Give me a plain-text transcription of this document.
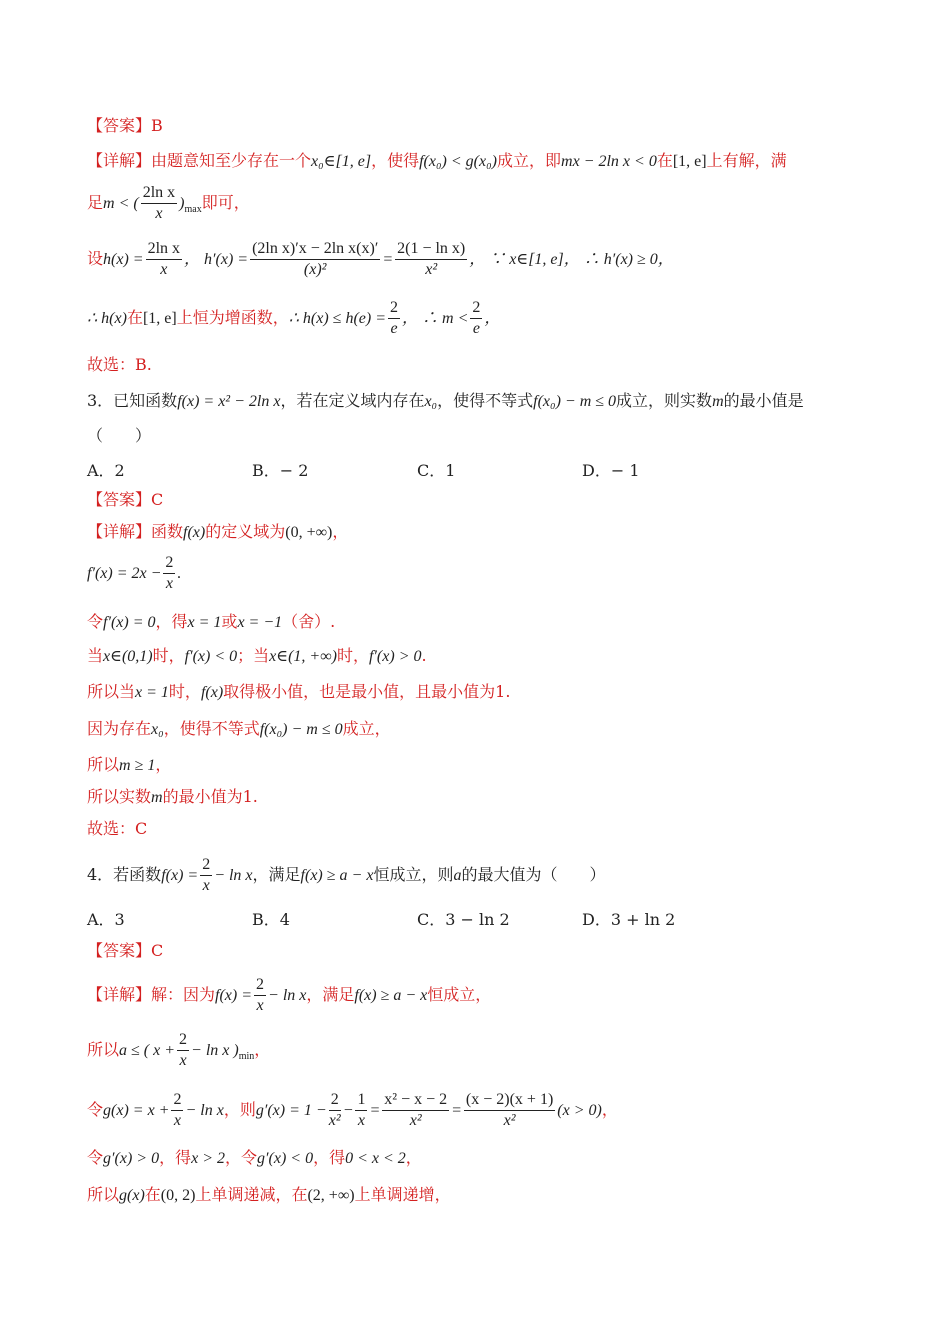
【答案】B
【详解】由题意知至少存在一个x₀∈[1, e]，使得f(x₀) < g(x₀)成立，即mx − 2ln x < 0在[1, e]上有解，满
足m < ( $\frac{\text{2ln x}}{x} )_{max}$即可，
设$h(x) = \frac{\text{2ln x}}{x}$ ， $h'(x) = \frac{\text{(2ln x)′x − 2ln x(x)′}}{\text{(x)²}} = \frac{\text{2(1 − ln x)}}{\text{x²}}$ ， ∵ x∈[1, e]， ∴ h′(x) ≥ 0，
∴ h(x)在[1, e]上恒为增函数，∴ $h(x) \le h(e) = \frac{2}{e}$ ， ∴ $m < \frac{2}{e}$ ，
故选：B.
3．已知函数f(x) = x² − 2ln x，若在定义域内存在x₀，使得不等式f(x₀) − m ≤ 0成立，则实数m的最小值是
（　　）
A．2	B．− 2	C．1	D．− 1
【答案】C
【详解】函数f(x)的定义域为(0, +∞)，
$f'(x) = 2x - \frac{2}{x}$ .
令f′(x) = 0，得x = 1或x = −1（舍）.
当x∈(0,1)时，f′(x) < 0；当x∈(1, +∞)时，f′(x) > 0.
所以当x = 1时，f(x)取得极小值，也是最小值，且最小值为1.
因为存在x₀，使得不等式f(x₀) − m ≤ 0成立，
所以m ≥ 1，
所以实数m的最小值为1.
故选：C
4．若函数$f(x) = \frac{2}{x} - \ln x$，满足f(x) ≥ a − x恒成立，则a的最大值为（　　）
A．3	B．4	C．3 − ln 2	D．3 + ln 2
【答案】C
【详解】解：因为$f(x) = \frac{2}{x} - \ln x$，满足f(x) ≥ a − x恒成立，
所以a ≤ ( $x + \frac{2}{x} - \ln x$ )$_{min}$，
令$g(x) = x + \frac{2}{x} - \ln x$，则$g'(x) = 1 - \frac{2}{\text{x²}} - \frac{1}{x} = \frac{\text{x² − x − 2}}{\text{x²}} = \frac{(x - 2)(x + 1)}{\text{x²}} (x > 0)$，
令g′(x) > 0，得x > 2，令g′(x) < 0，得0 < x < 2，
所以g(x)在(0, 2)上单调递减，在(2, +∞)上单调递增，
